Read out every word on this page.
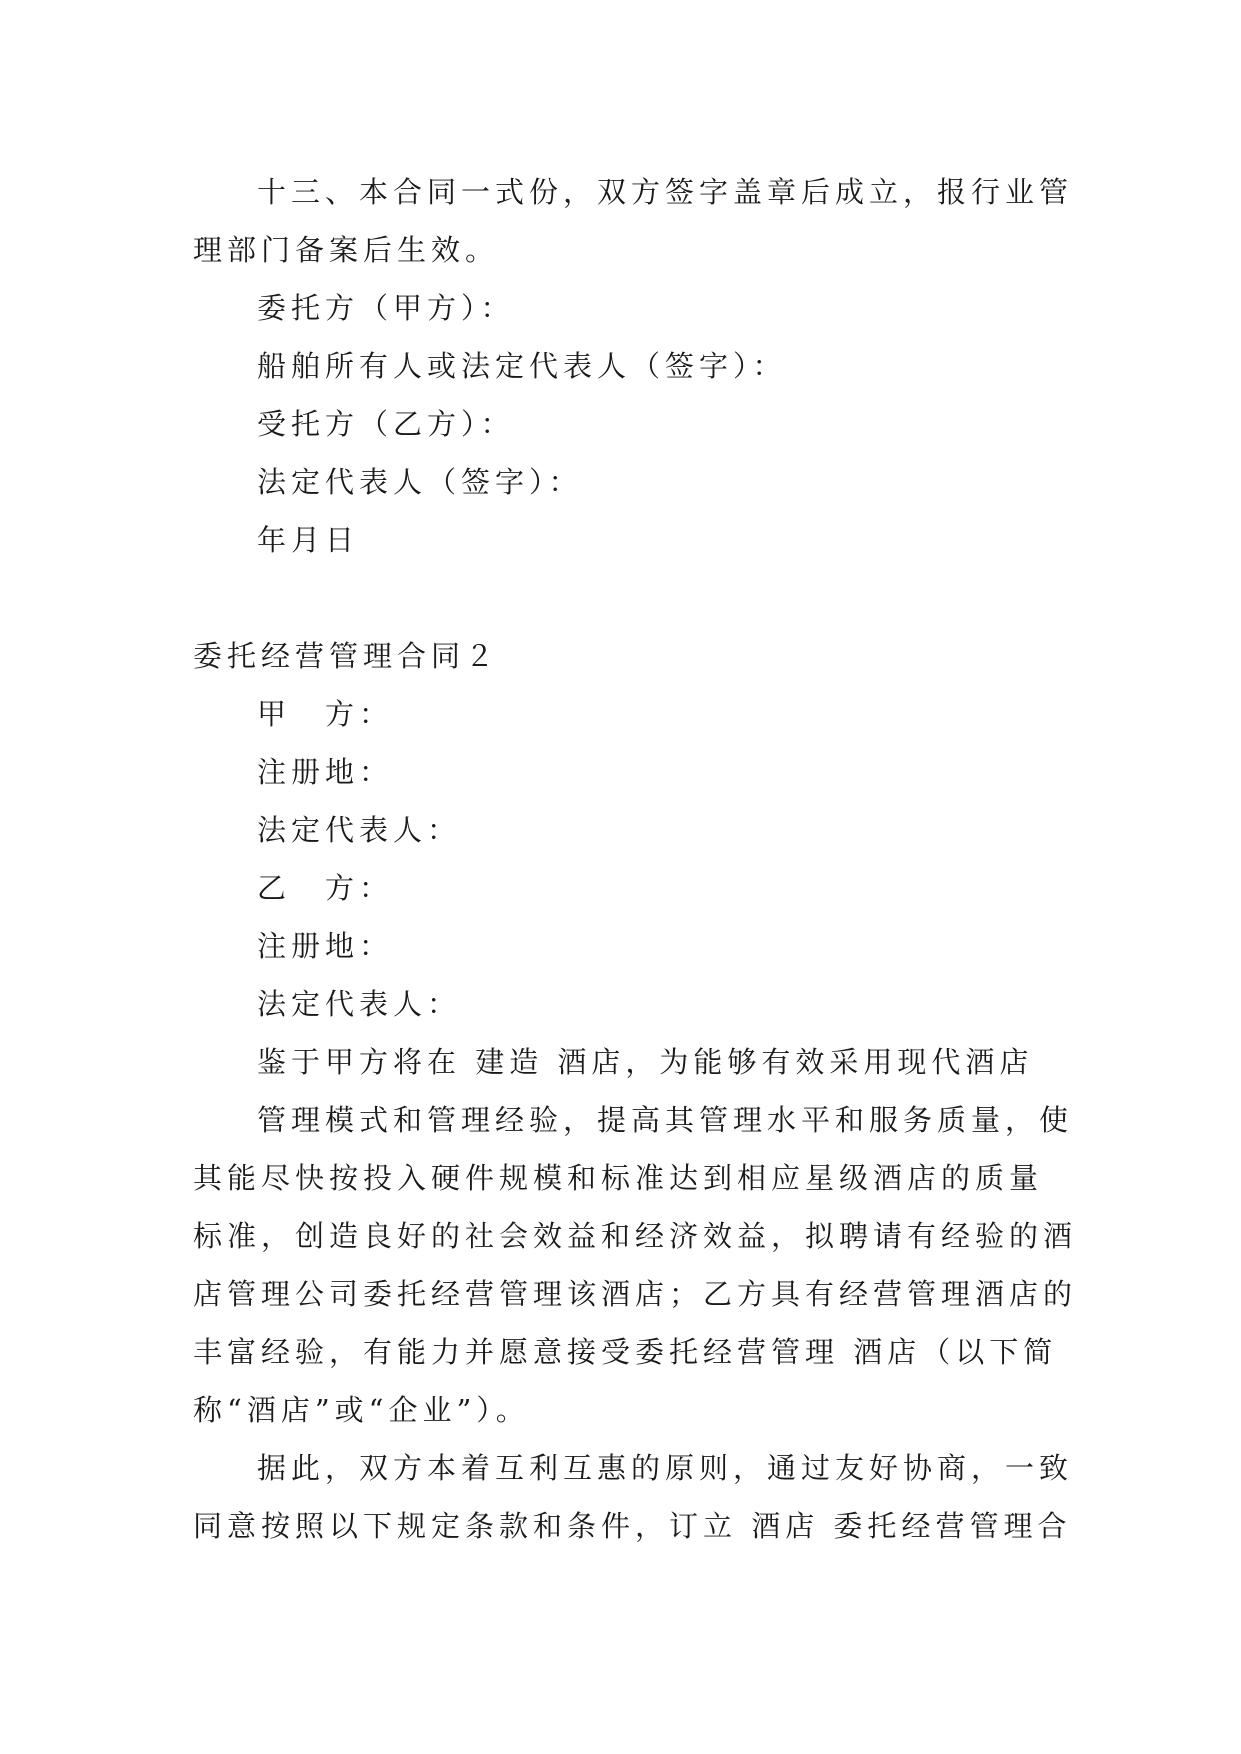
十三、本合同一式份，双方签字盖章后成立，报行业管
理部门备案后生效。
委托方（甲方）：
船舶所有人或法定代表人（签字）：
受托方（乙方）：
法定代表人（签字）：
年月日
委托经营管理合同２
甲　方：
注册地：
法定代表人：
乙　方：
注册地：
法定代表人：
鉴于甲方将在 建造 酒店，为能够有效采用现代酒店
管理模式和管理经验，提高其管理水平和服务质量，使
其能尽快按投入硬件规模和标准达到相应星级酒店的质量
标准，创造良好的社会效益和经济效益，拟聘请有经验的酒
店管理公司委托经营管理该酒店；乙方具有经营管理酒店的
丰富经验，有能力并愿意接受委托经营管理 酒店（以下简
称“酒店”或“企业”）。
据此，双方本着互利互惠的原则，通过友好协商，一致
同意按照以下规定条款和条件，订立 酒店 委托经营管理合
